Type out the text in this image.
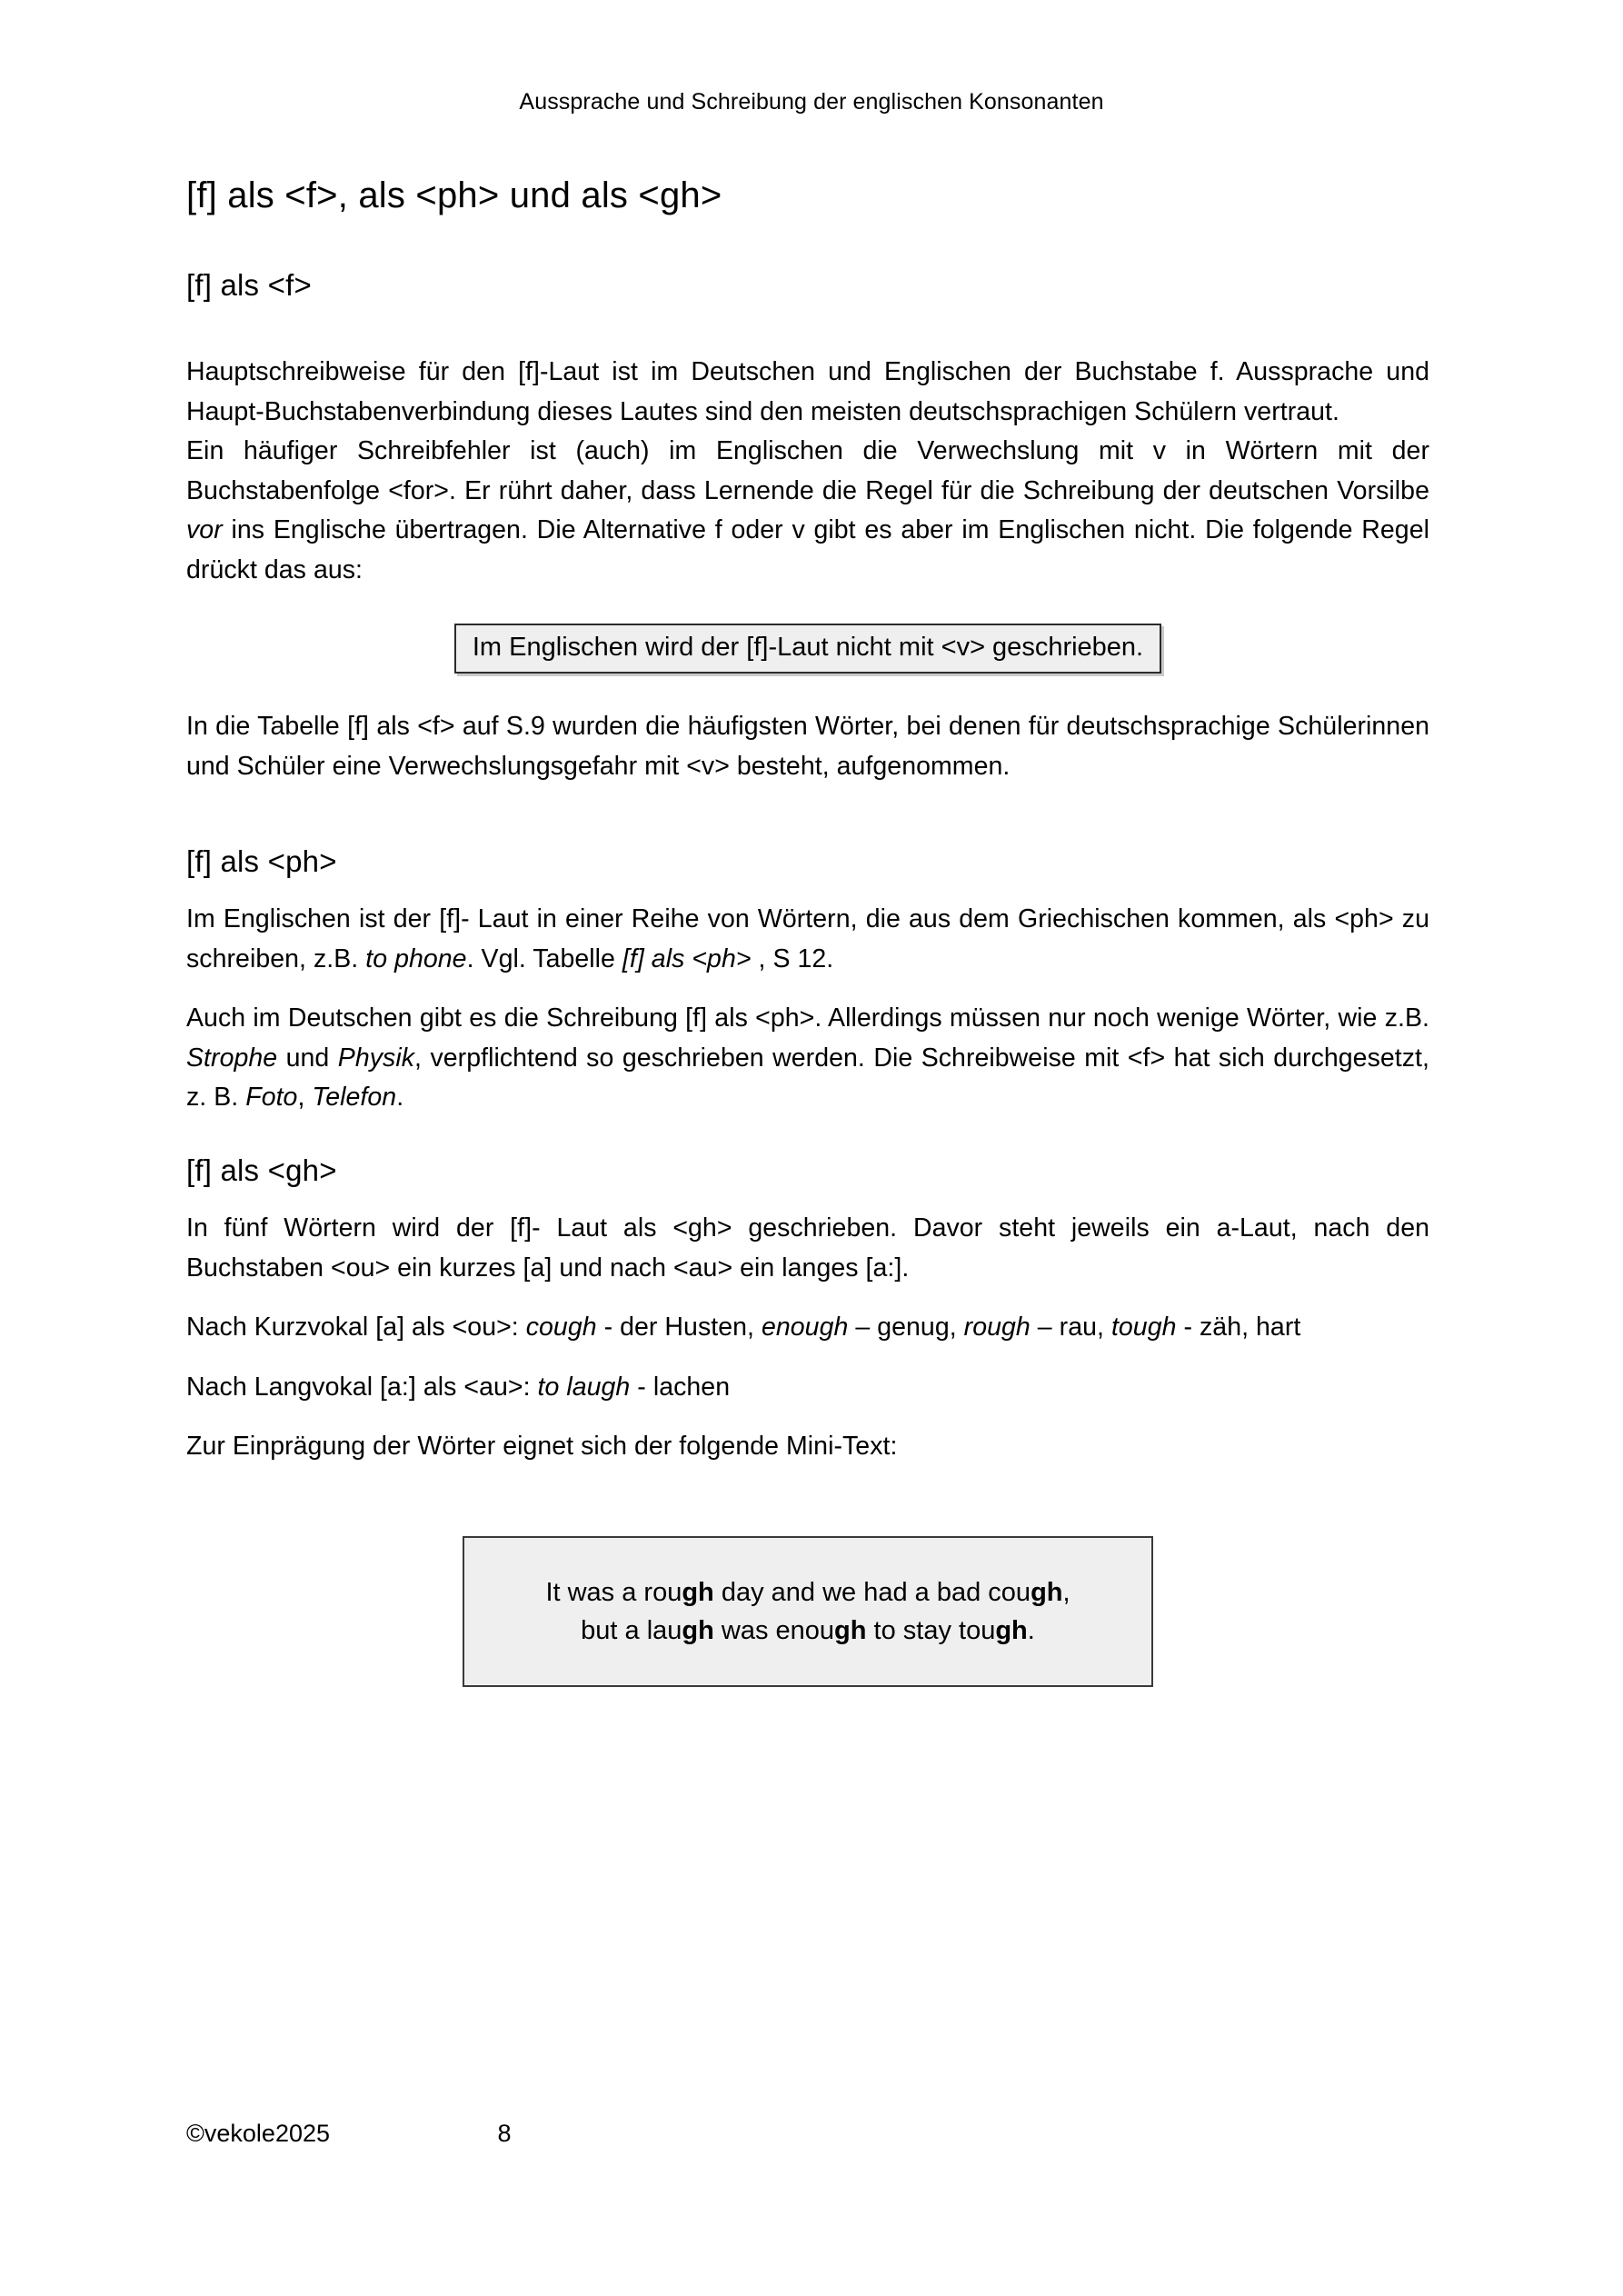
Aussprache und Schreibung der englischen Konsonanten
[f] als <f>, als <ph> und als <gh>
[f] als <f>

Hauptschreibweise für den [f]-Laut ist im Deutschen und Englischen der Buchstabe f. Aussprache und Haupt-Buchstabenverbindung dieses Lautes sind den meisten deutschsprachigen Schülern vertraut.

Ein häufiger Schreibfehler ist (auch) im Englischen die Verwechslung mit v in Wörtern mit der Buchstabenfolge <for>. Er rührt daher, dass Lernende die Regel für die Schreibung der deutschen Vorsilbe vor ins Englische übertragen. Die Alternative f oder v gibt es aber im Englischen nicht. Die folgende Regel drückt das aus:

Im Englischen wird der [f]-Laut nicht mit <v> geschrieben.

In die Tabelle [f] als <f> auf S.9 wurden die häufigsten Wörter, bei denen für deutschsprachige Schülerinnen und Schüler eine Verwechslungsgefahr mit <v> besteht, aufgenommen.

[f] als <ph>

Im Englischen ist der [f]- Laut in einer Reihe von Wörtern, die aus dem Griechischen kommen, als <ph> zu schreiben, z.B. to phone. Vgl. Tabelle [f] als <ph> , S 12.

Auch im Deutschen gibt es die Schreibung [f] als <ph>. Allerdings müssen nur noch wenige Wörter, wie z.B. Strophe und Physik, verpflichtend so geschrieben werden. Die Schreibweise mit <f> hat sich durchgesetzt, z. B. Foto, Telefon.

[f] als <gh>

In fünf Wörtern wird der [f]- Laut als <gh> geschrieben. Davor steht jeweils ein a-Laut, nach den Buchstaben <ou> ein kurzes [a] und nach <au> ein langes [a:].

Nach Kurzvokal [a] als <ou>: cough - der Husten, enough – genug, rough – rau, tough - zäh, hart

Nach Langvokal [a:] als <au>: to laugh - lachen

Zur Einprägung der Wörter eignet sich der folgende Mini-Text:

It was a rough day and we had a bad cough,
but a laugh was enough to stay tough.
©vekole2025	8
